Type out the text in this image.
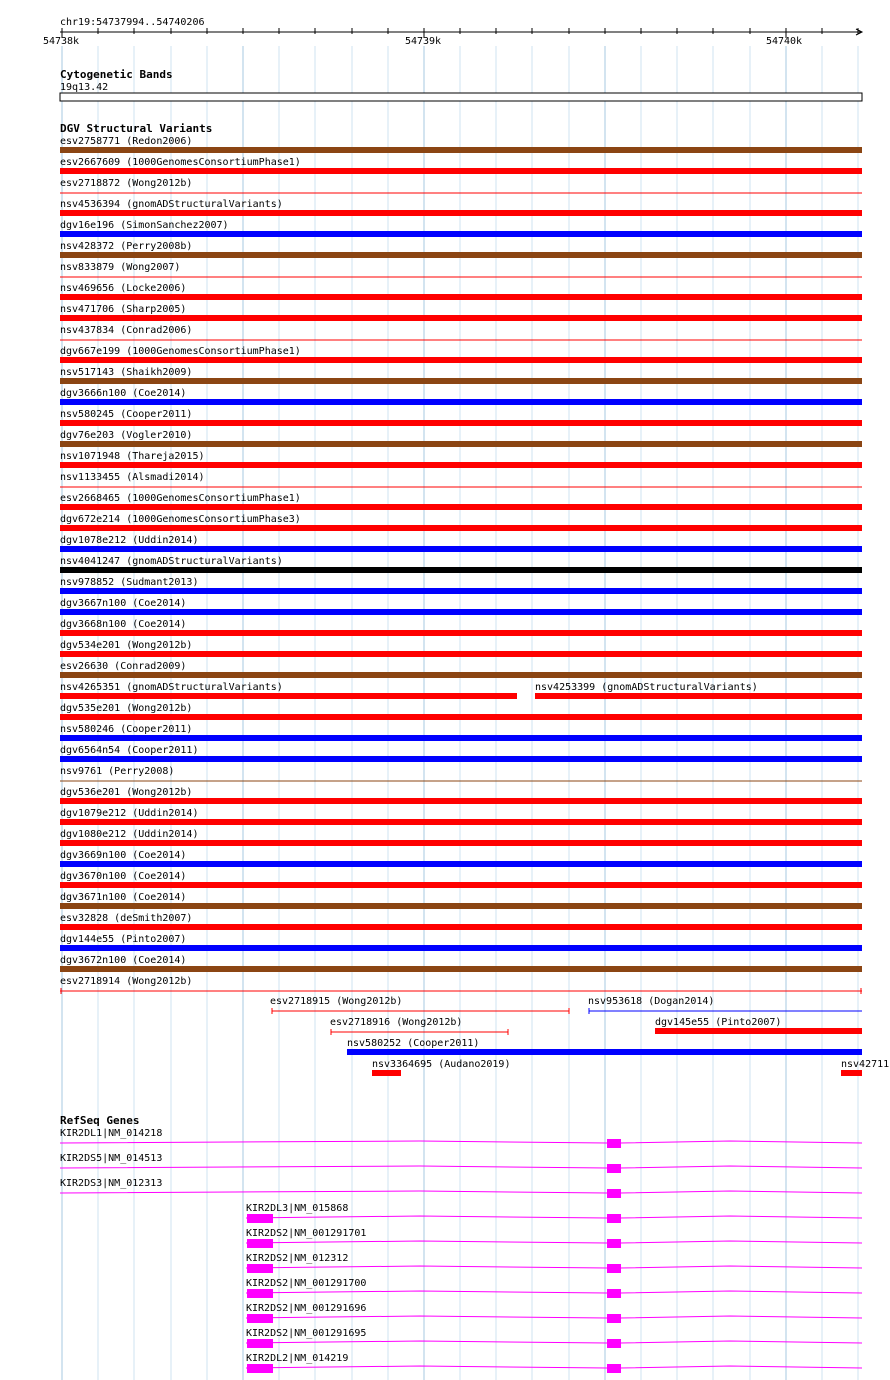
chr19:54737994..54740206
54738k	54739k	54740k
Cytogenetic Bands
19q13.42
DGV Structural Variants
esv2758771 (Redon2006)
esv2667609 (1000GenomesConsortiumPhase1)
esv2718872 (Wong2012b)
nsv4536394 (gnomADStructuralVariants)
dgv16e196 (SimonSanchez2007)
nsv428372 (Perry2008b)
nsv833879 (Wong2007)
nsv469656 (Locke2006)
nsv471706 (Sharp2005)
nsv437834 (Conrad2006)
dgv667e199 (1000GenomesConsortiumPhase1)
nsv517143 (Shaikh2009)
dgv3666n100 (Coe2014)
nsv580245 (Cooper2011)
dgv76e203 (Vogler2010)
nsv1071948 (Thareja2015)
nsv1133455 (Alsmadi2014)
esv2668465 (1000GenomesConsortiumPhase1)
dgv672e214 (1000GenomesConsortiumPhase3)
dgv1078e212 (Uddin2014)
nsv4041247 (gnomADStructuralVariants)
nsv978852 (Sudmant2013)
dgv3667n100 (Coe2014)
dgv3668n100 (Coe2014)
dgv534e201 (Wong2012b)
esv26630 (Conrad2009)
nsv4265351 (gnomADStructuralVariants)	nsv4253399 (gnomADStructuralVariants)
dgv535e201 (Wong2012b)
nsv580246 (Cooper2011)
dgv6564n54 (Cooper2011)
nsv9761 (Perry2008)
dgv536e201 (Wong2012b)
dgv1079e212 (Uddin2014)
dgv1080e212 (Uddin2014)
dgv3669n100 (Coe2014)
dgv3670n100 (Coe2014)
dgv3671n100 (Coe2014)
esv32828 (deSmith2007)
dgv144e55 (Pinto2007)
dgv3672n100 (Coe2014)
esv2718914 (Wong2012b)
esv2718915 (Wong2012b)	nsv953618 (Dogan2014)
esv2718916 (Wong2012b)	dgv145e55 (Pinto2007)
nsv580252 (Cooper2011)
nsv3364695 (Audano2019)	nsv42711
RefSeq Genes
KIR2DL1|NM_014218
KIR2DS5|NM_014513
KIR2DS3|NM_012313
KIR2DL3|NM_015868
KIR2DS2|NM_001291701
KIR2DS2|NM_012312
KIR2DS2|NM_001291700
KIR2DS2|NM_001291696
KIR2DS2|NM_001291695
KIR2DL2|NM_014219
